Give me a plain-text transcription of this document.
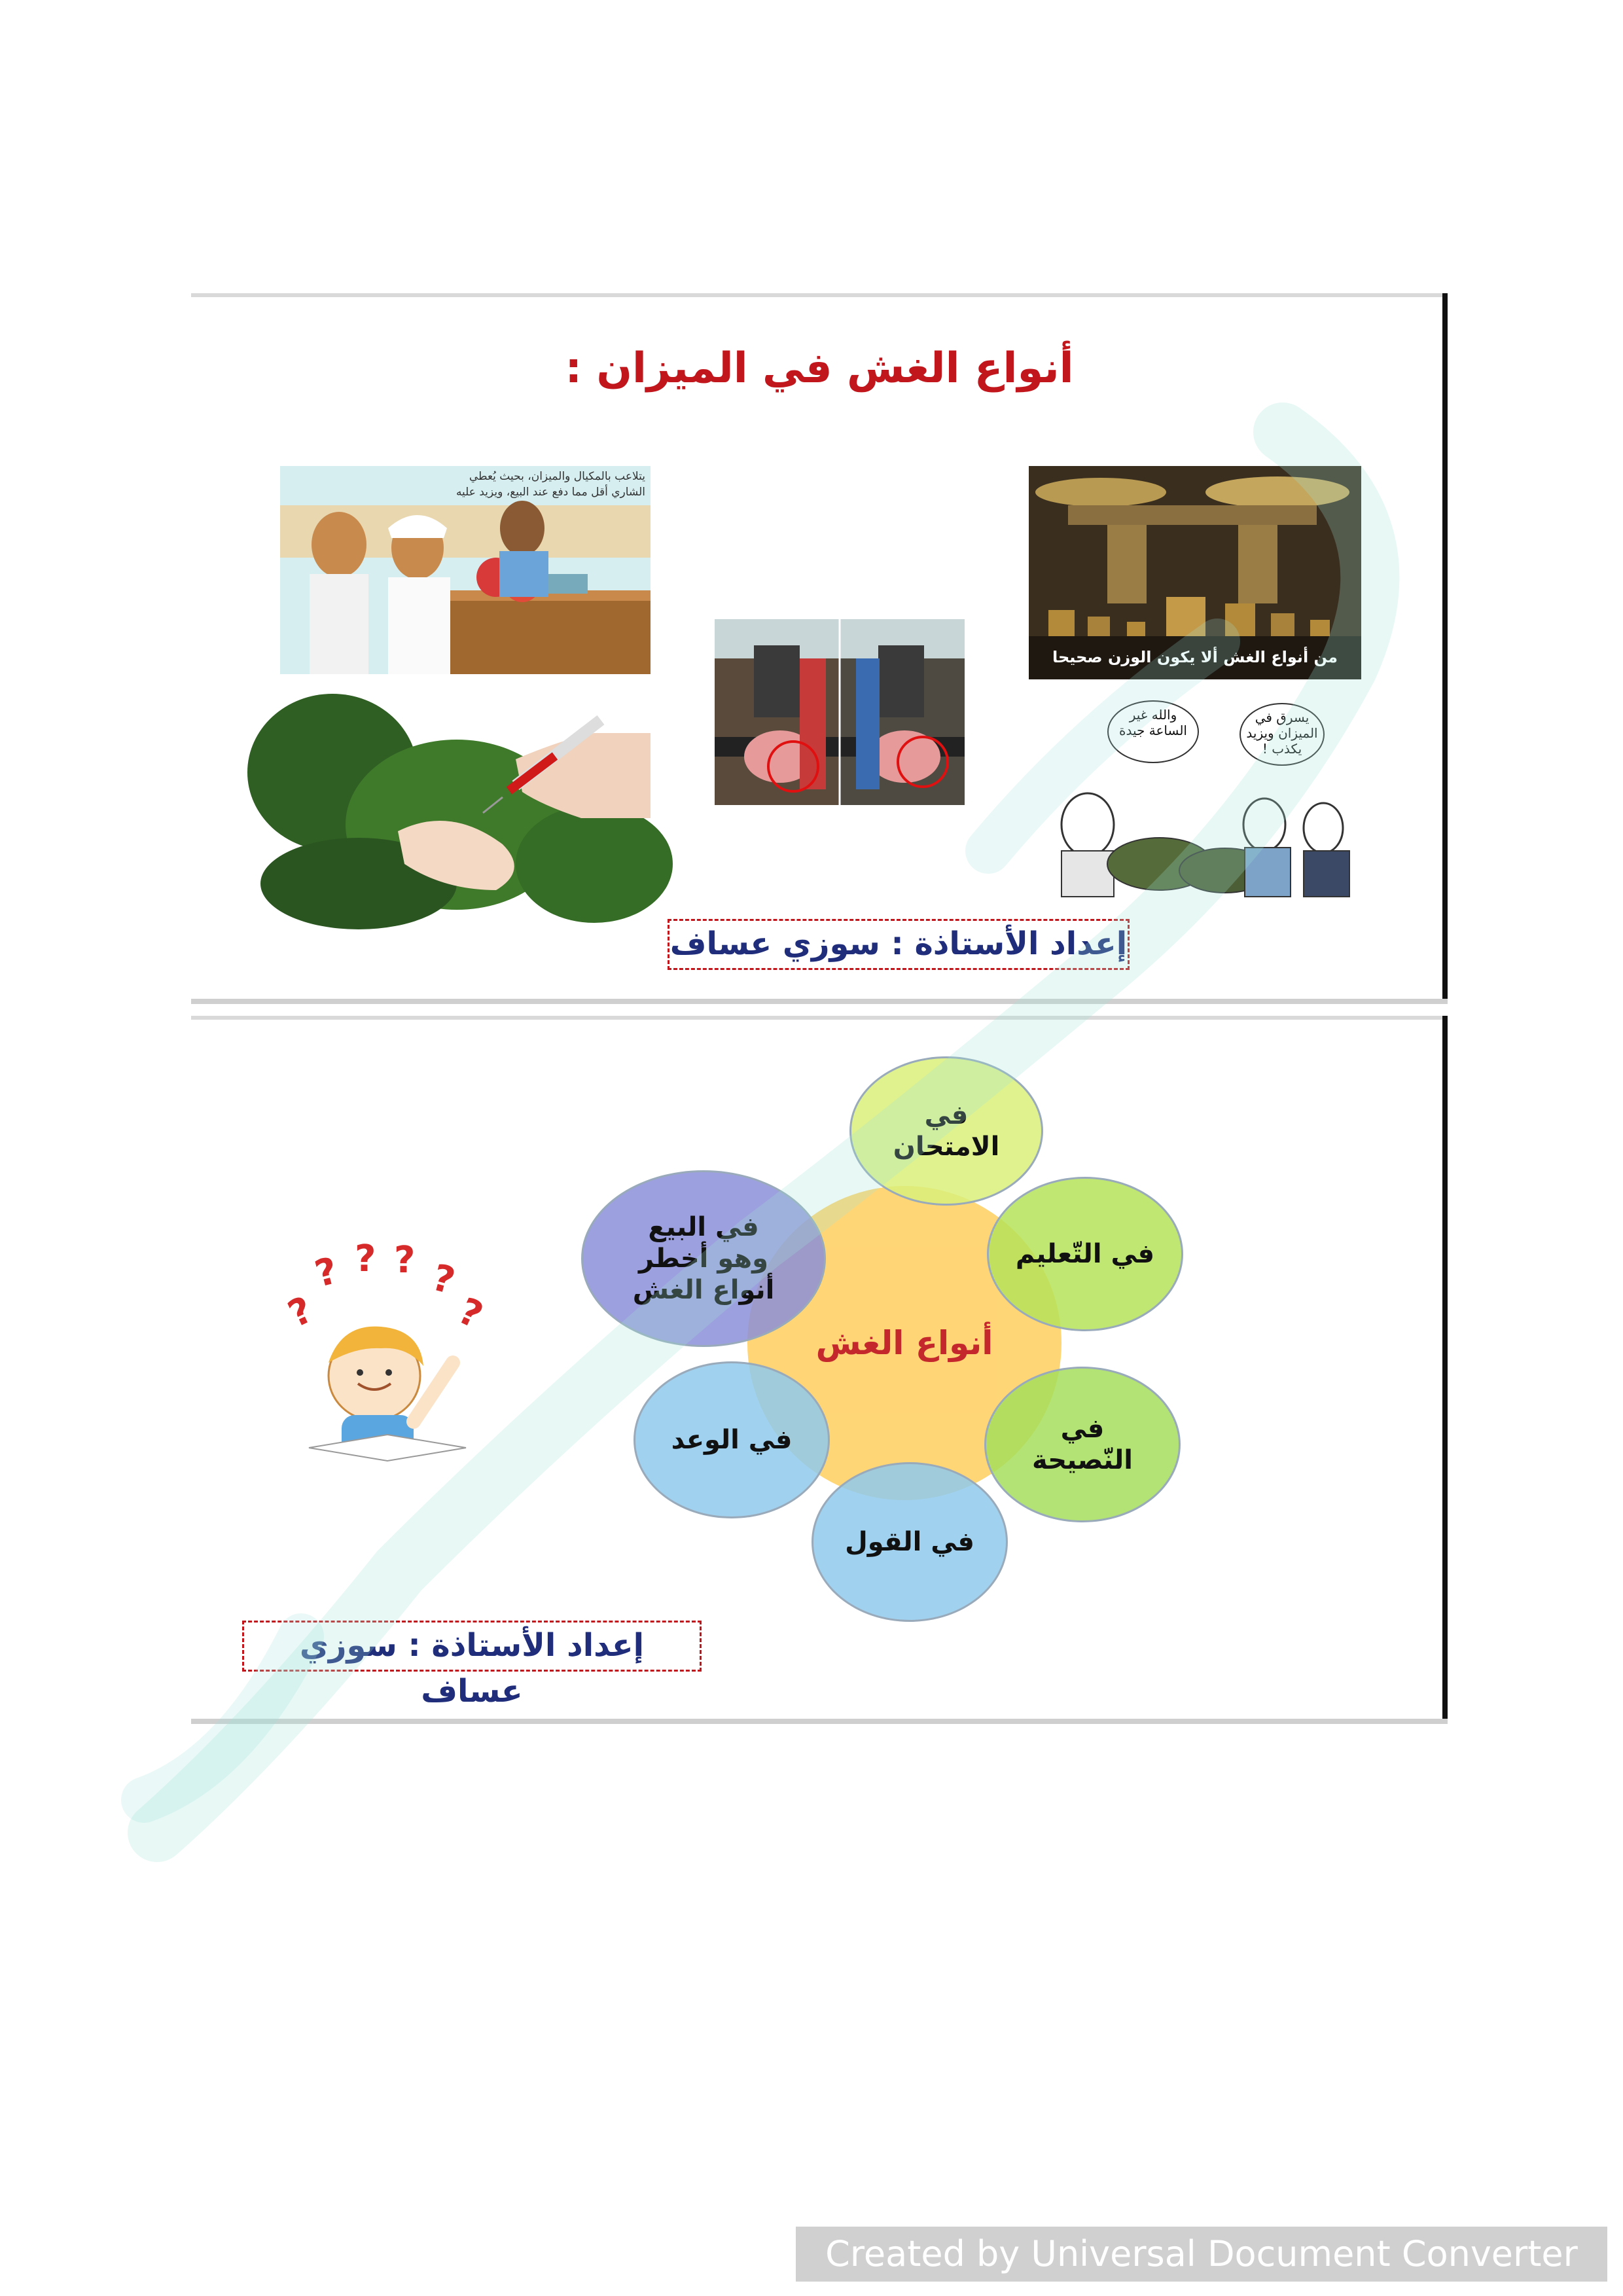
أنواع الغش في الميزان :
يتلاعب بالمكيال والميزان، بحيث يُعطي الشاري أقل مما دفع عند البيع، ويزيد عليه
من أنواع الغش ألا يكون الوزن صحيحا
والله غير الساعة جيدة
يسرق في الميزان ويزيد يكذب !
إعداد الأستاذة : سوزي عساف
?
? ? ? ?
?
أنواع الغش
في الامتحان
في التّعليم
في النّصيحة
في القول
في الوعد
في البيع وهو أخطر أنواع الغش
إعداد الأستاذة : سوزي عساف
Created by Universal Document Converter
